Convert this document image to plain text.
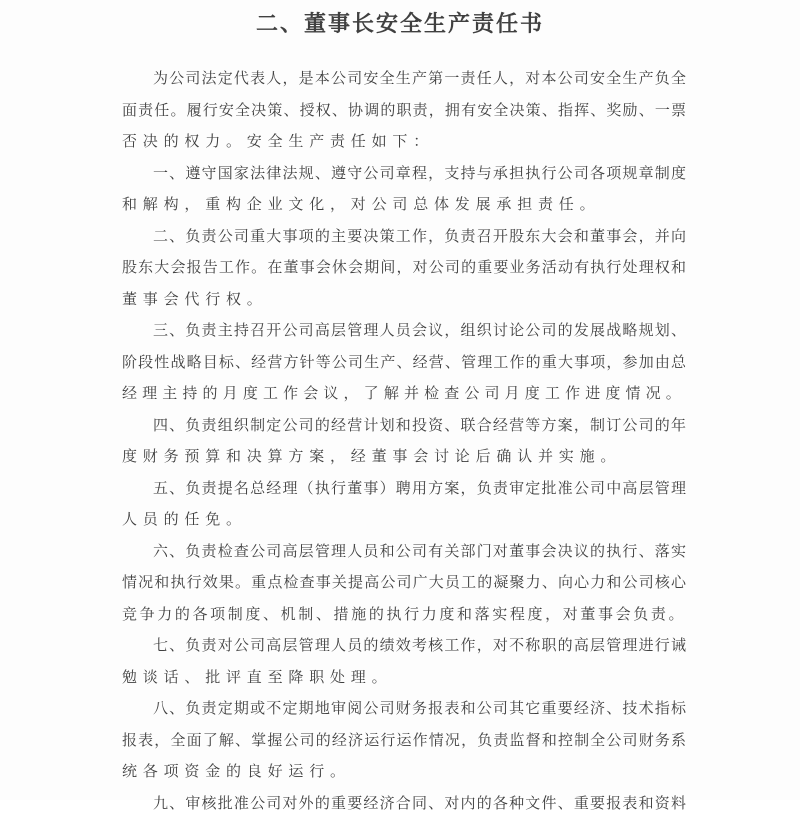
二、董事长安全生产责任书
为公司法定代表人，是本公司安全生产第一责任人，对本公司安全生产负全
面责任。履行安全决策、授权、协调的职责，拥有安全决策、指挥、奖励、一票
否决的权力。安全生产责任如下：
一、遵守国家法律法规、遵守公司章程，支持与承担执行公司各项规章制度
和解构，重构企业文化，对公司总体发展承担责任。
二、负责公司重大事项的主要决策工作，负责召开股东大会和董事会，并向
股东大会报告工作。在董事会休会期间，对公司的重要业务活动有执行处理权和
董事会代行权。
三、负责主持召开公司高层管理人员会议，组织讨论公司的发展战略规划、
阶段性战略目标、经营方针等公司生产、经营、管理工作的重大事项，参加由总
经理主持的月度工作会议，了解并检查公司月度工作进度情况。
四、负责组织制定公司的经营计划和投资、联合经营等方案，制订公司的年
度财务预算和决算方案，经董事会讨论后确认并实施。
五、负责提名总经理（执行董事）聘用方案，负责审定批准公司中高层管理
人员的任免。
六、负责检查公司高层管理人员和公司有关部门对董事会决议的执行、落实
情况和执行效果。重点检查事关提高公司广大员工的凝聚力、向心力和公司核心
竞争力的各项制度、机制、措施的执行力度和落实程度，对董事会负责。
七、负责对公司高层管理人员的绩效考核工作，对不称职的高层管理进行诫
勉谈话、批评直至降职处理。
八、负责定期或不定期地审阅公司财务报表和公司其它重要经济、技术指标
报表，全面了解、掌握公司的经济运行运作情况，负责监督和控制全公司财务系
统各项资金的良好运行。
九、审核批准公司对外的重要经济合同、对内的各种文件、重要报表和资料
